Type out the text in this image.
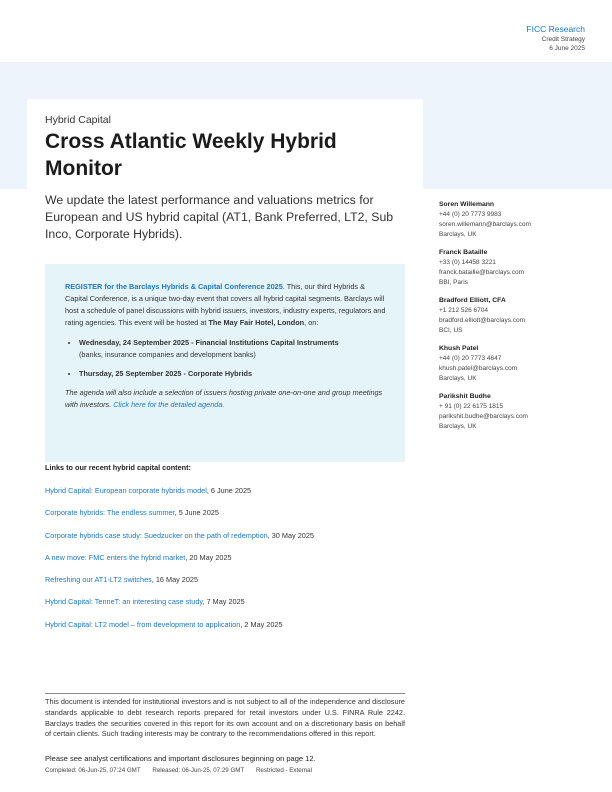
FICC Research
Credit Strategy
6 June 2025
Hybrid Capital
Cross Atlantic Weekly Hybrid Monitor
We update the latest performance and valuations metrics for European and US hybrid capital (AT1, Bank Preferred, LT2, Sub Inco, Corporate Hybrids).
Soren Willemann
+44 (0) 20 7773 9983
soren.willemann@barclays.com
Barclays, UK
Franck Bataille
+33 (0) 14458 3221
franck.bataille@barclays.com
BBI, Paris
Bradford Elliott, CFA
+1 212 526 6704
bradford.elliott@barclays.com
BCI, US
Khush Patel
+44 (0) 20 7773 4647
khush.patel@barclays.com
Barclays, UK
Parikshit Budhe
+ 91 (0) 22 6175 1815
parikshit.budhe@barclays.com
Barclays, UK
REGISTER for the Barclays Hybrids & Capital Conference 2025. This, our third Hybrids & Capital Conference, is a unique two-day event that covers all hybrid capital segments. Barclays will host a schedule of panel discussions with hybrid issuers, investors, industry experts, regulators and rating agencies. This event will be hosted at The May Fair Hotel, London, on:
• Wednesday, 24 September 2025 - Financial Institutions Capital Instruments
(banks, insurance companies and development banks)
• Thursday, 25 September 2025 - Corporate Hybrids
The agenda will also include a selection of issuers hosting private one-on-one and group meetings with investors. Click here for the detailed agenda.
Links to our recent hybrid capital content:
Hybrid Capital: European corporate hybrids model, 6 June 2025
Corporate hybrids: The endless summer, 5 June 2025
Corporate hybrids case study: Suedzucker on the path of redemption, 30 May 2025
A new move: FMC enters the hybrid market, 20 May 2025
Refreshing our AT1-LT2 switches, 16 May 2025
Hybrid Capital: TenneT: an interesting case study, 7 May 2025
Hybrid Capital: LT2 model – from development to application, 2 May 2025
This document is intended for institutional investors and is not subject to all of the independence and disclosure standards applicable to debt research reports prepared for retail investors under U.S. FINRA Rule 2242. Barclays trades the securities covered in this report for its own account and on a discretionary basis on behalf of certain clients. Such trading interests may be contrary to the recommendations offered in this report.
Please see analyst certifications and important disclosures beginning on page 12.
Completed: 06-Jun-25, 07:24 GMT Released: 06-Jun-25, 07:29 GMT Restricted - External
